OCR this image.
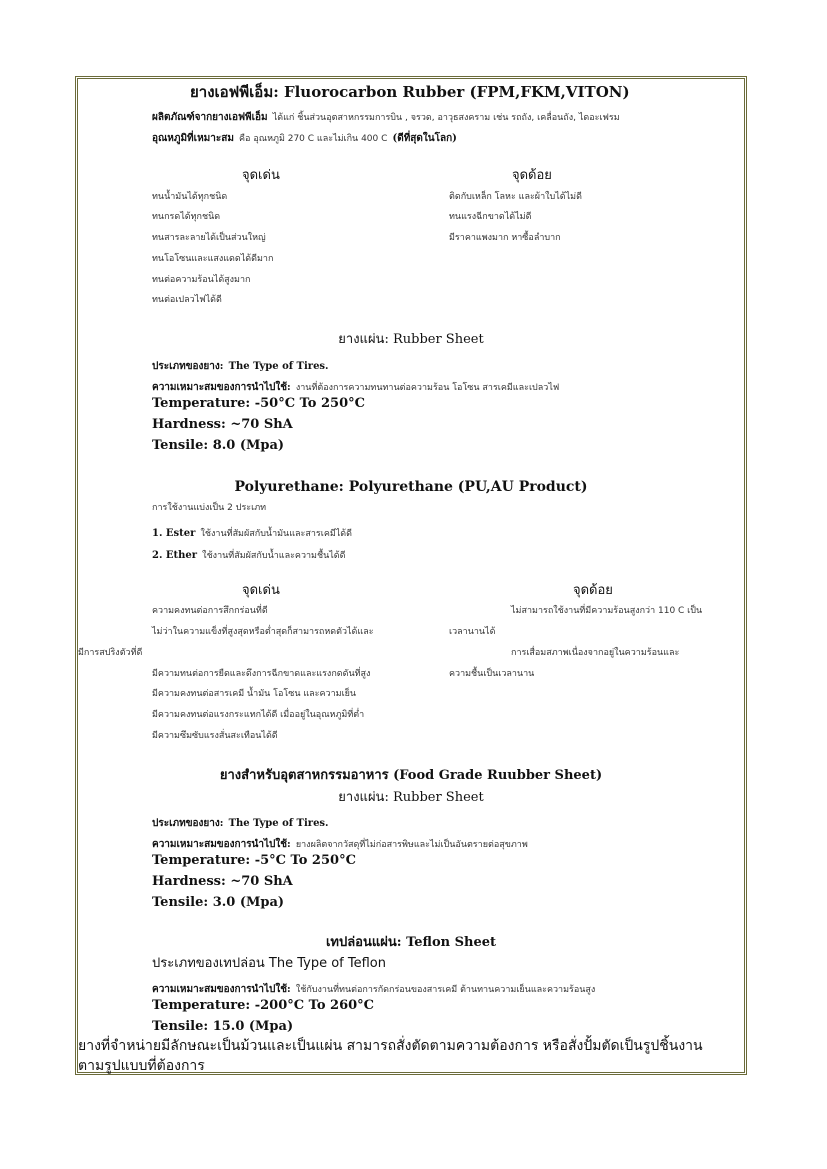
ยางเอฟพีเอ็ม: Fluorocarbon Rubber (FPM,FKM,VITON)
ผลิตภัณฑ์จากยางเอฟพีเอ็ม ได้แก่ ชิ้นส่วนอุตสาหกรรมการบิน , จรวด, อาวุธสงคราม เช่น รถถัง, เคลื่อนถัง, ไดอะเฟรม
อุณหภูมิที่เหมาะสม คือ อุณหภูมิ 270 C และไม่เกิน 400 C (ดีที่สุดในโลก)
จุดเด่น	จุดด้อย
ทนน้ำมันได้ทุกชนิด
ทนกรดได้ทุกชนิด
ทนสารละลายได้เป็นส่วนใหญ่
ทนโอโซนและแสงแดดได้ดีมาก
ทนต่อความร้อนได้สูงมาก
ทนต่อเปลวไฟได้ดี
ติดกับเหล็ก โลหะ และผ้าใบได้ไม่ดี
ทนแรงฉีกขาดได้ไม่ดี
มีราคาแพงมาก หาซื้อลำบาก
ยางแผ่น: Rubber Sheet
ประเภทของยาง: The Type of Tires.
ความเหมาะสมของการนำไปใช้: งานที่ต้องการความทนทานต่อความร้อน โอโซน สารเคมีและเปลวไฟ
Temperature: -50°C To 250°C
Hardness: ~70 ShA
Tensile: 8.0 (Mpa)
Polyurethane: Polyurethane (PU,AU Product)
การใช้งานแบ่งเป็น 2 ประเภท
1. Ester ใช้งานที่สัมผัสกับน้ำมันและสารเคมีได้ดี
2. Ether ใช้งานที่สัมผัสกับน้ำและความชื้นได้ดี
จุดเด่น	จุดด้อย
ความคงทนต่อการสึกกร่อนที่ดี
ไม่ว่าในความแข็งที่สูงสุดหรือต่ำสุดก็สามารถหดตัวได้และ
มีการสปริงตัวที่ดี
มีความทนต่อการยืดและดึงการฉีกขาดและแรงกดดันที่สูง
มีความคงทนต่อสารเคมี น้ำมัน โอโซน และความเย็น
มีความคงทนต่อแรงกระแทกได้ดี เมื่ออยู่ในอุณหภูมิที่ต่ำ
มีความซึมซับแรงสั่นสะเทือนได้ดี
ไม่สามารถใช้งานที่มีความร้อนสูงกว่า 110 C เป็น
เวลานานได้
การเสื่อมสภาพเนื่องจากอยู่ในความร้อนและ
ความชื้นเป็นเวลานาน
ยางสำหรับอุตสาหกรรมอาหาร (Food Grade Ruubber Sheet)
ยางแผ่น: Rubber Sheet
ประเภทของยาง: The Type of Tires.
ความเหมาะสมของการนำไปใช้: ยางผลิตจากวัสดุที่ไม่ก่อสารพิษและไม่เป็นอันตรายต่อสุขภาพ
Temperature: -5°C To 250°C
Hardness: ~70 ShA
Tensile: 3.0 (Mpa)
เทปล่อนแผ่น: Teflon Sheet
ประเภทของเทปล่อน The Type of Teflon
ความเหมาะสมของการนำไปใช้: ใช้กับงานที่ทนต่อการกัดกร่อนของสารเคมี ต้านทานความเย็นและความร้อนสูง
Temperature: -200°C To 260°C
Tensile: 15.0 (Mpa)
ยางที่จำหน่ายมีลักษณะเป็นม้วนและเป็นแผ่น สามารถสั่งตัดตามความต้องการ หรือสั่งปั้มตัดเป็นรูปชิ้นงาน
ตามรูปแบบที่ต้องการ
